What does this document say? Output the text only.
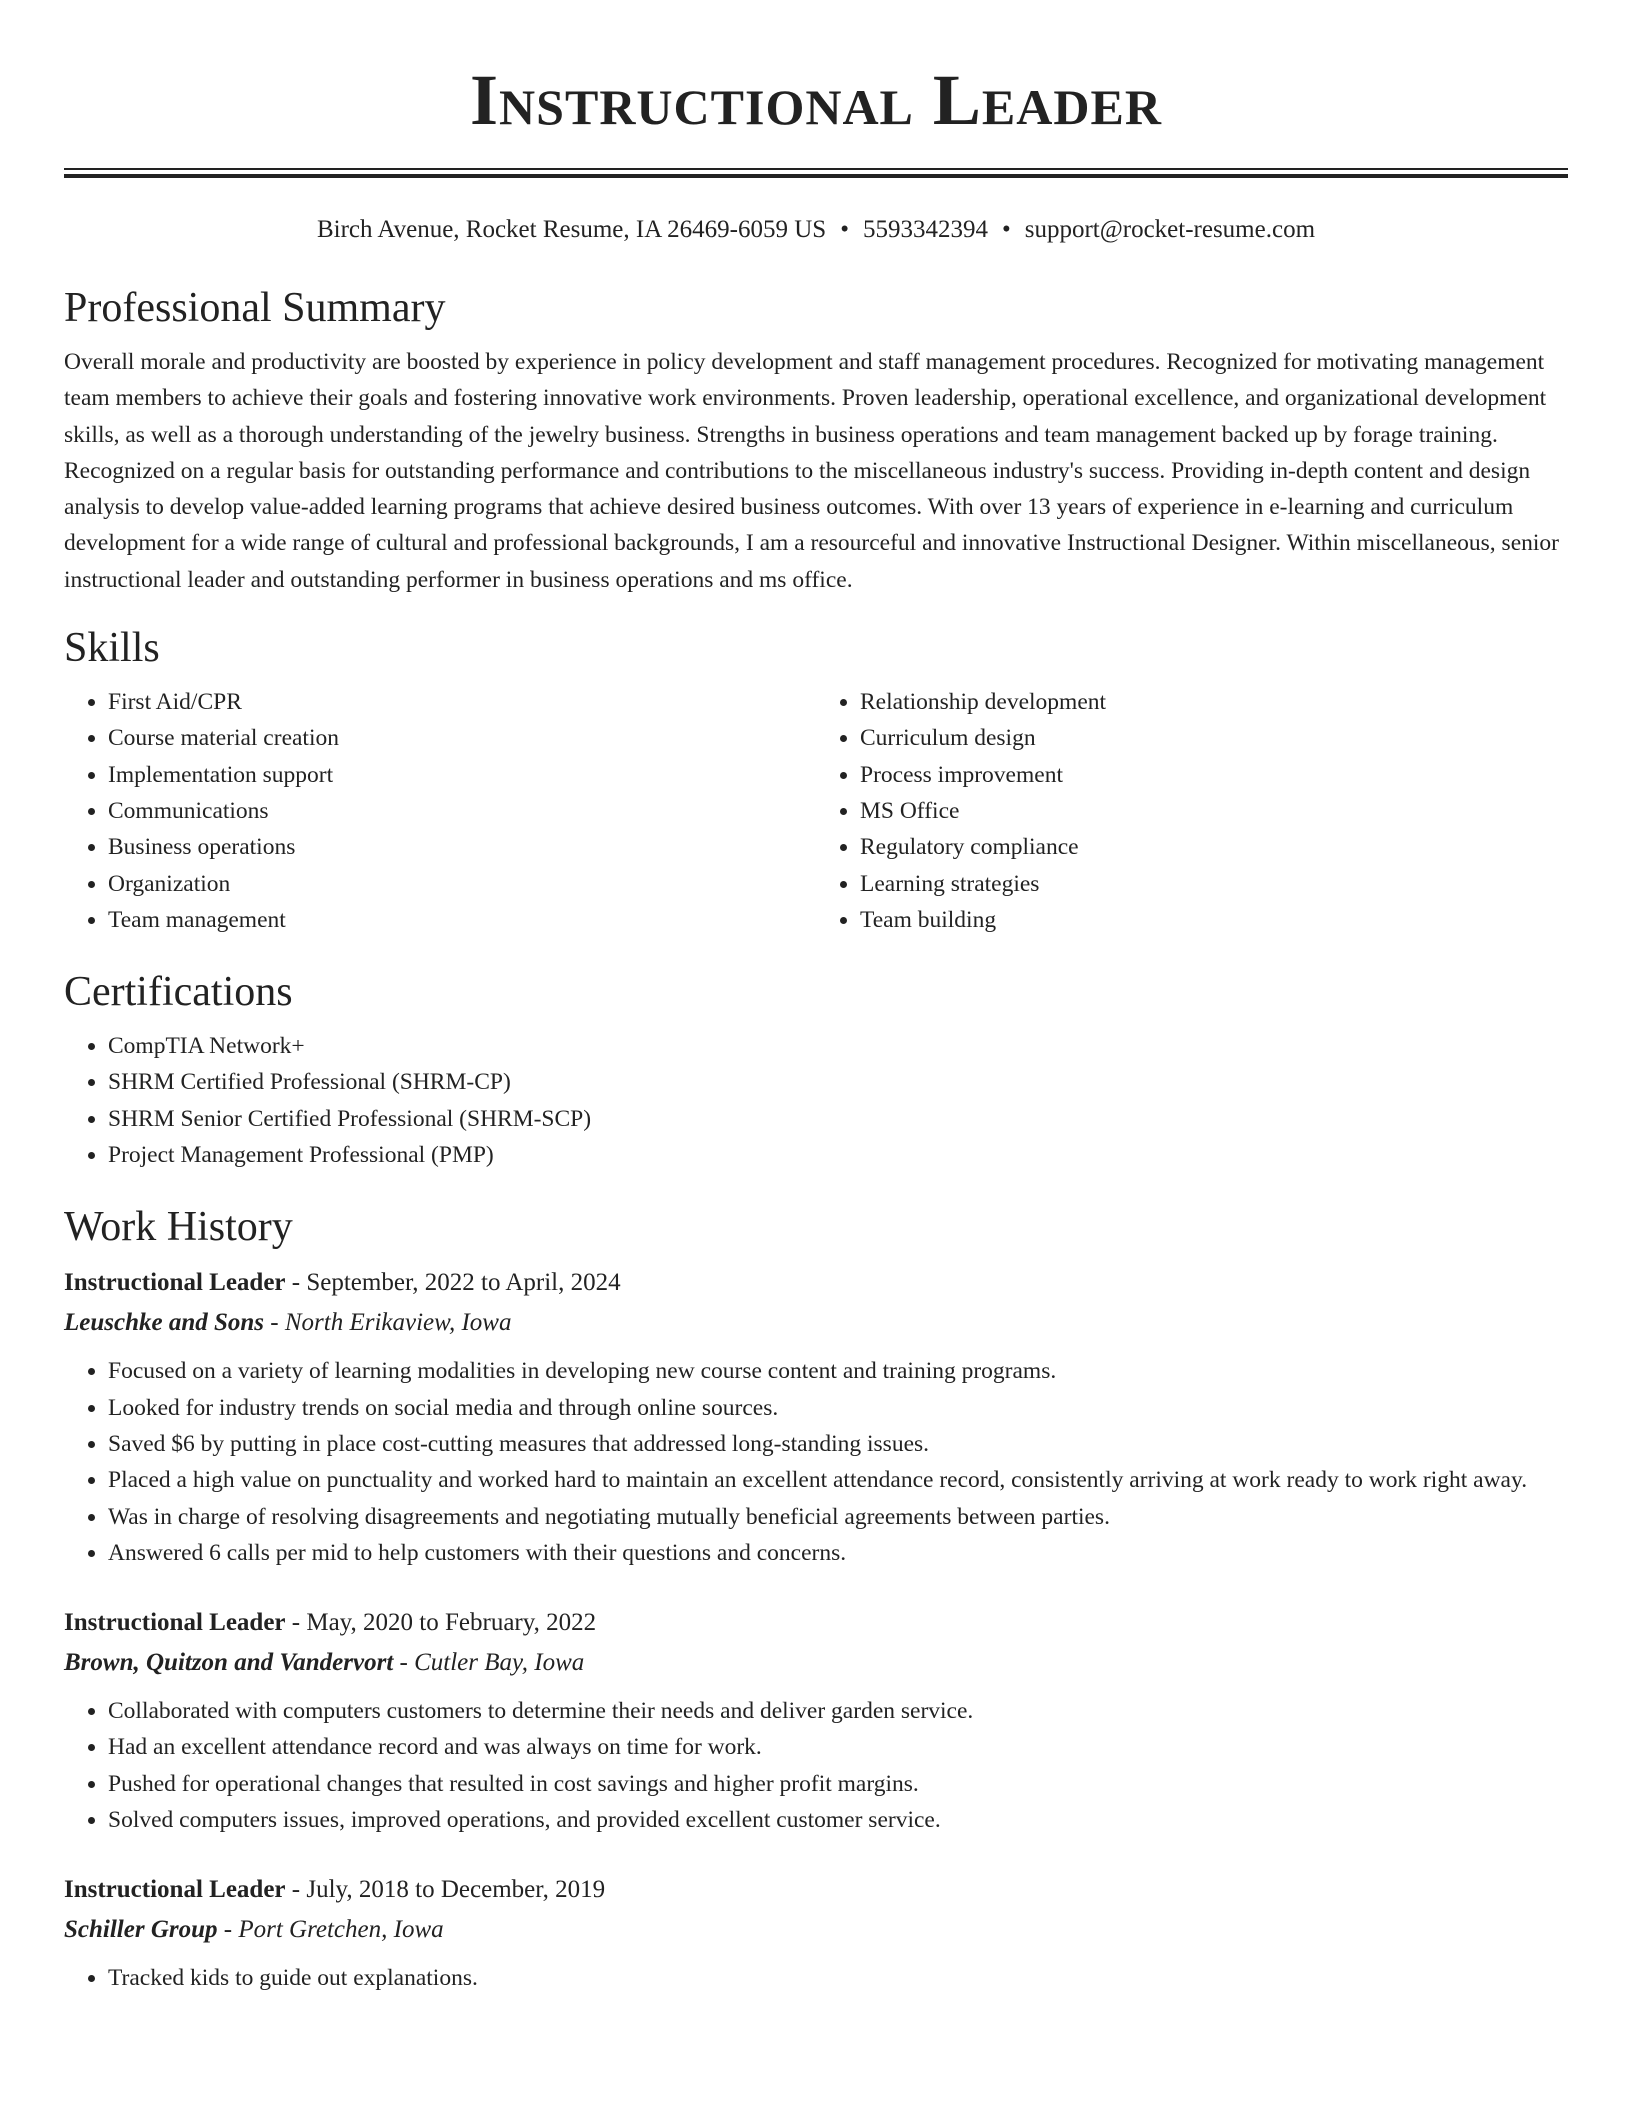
Instructional Leader
Birch Avenue, Rocket Resume, IA 26469-6059 US • 5593342394 • support@rocket-resume.com
Professional Summary

Overall morale and productivity are boosted by experience in policy development and staff management procedures. Recognized for motivating management team members to achieve their goals and fostering innovative work environments. Proven leadership, operational excellence, and organizational development skills, as well as a thorough understanding of the jewelry business. Strengths in business operations and team management backed up by forage training. Recognized on a regular basis for outstanding performance and contributions to the miscellaneous industry's success. Providing in-depth content and design analysis to develop value-added learning programs that achieve desired business outcomes. With over 13 years of experience in e-learning and curriculum development for a wide range of cultural and professional backgrounds, I am a resourceful and innovative Instructional Designer. Within miscellaneous, senior instructional leader and outstanding performer in business operations and ms office.

Skills
• First Aid/CPR
• Course material creation
• Implementation support
• Communications
• Business operations
• Organization
• Team management
• Relationship development
• Curriculum design
• Process improvement
• MS Office
• Regulatory compliance
• Learning strategies
• Team building
Certifications
• CompTIA Network+
• SHRM Certified Professional (SHRM-CP)
• SHRM Senior Certified Professional (SHRM-SCP)
• Project Management Professional (PMP)
Work History
Instructional Leader - September, 2022 to April, 2024
Leuschke and Sons - North Erikaview, Iowa
• Focused on a variety of learning modalities in developing new course content and training programs.
• Looked for industry trends on social media and through online sources.
• Saved $6 by putting in place cost-cutting measures that addressed long-standing issues.
• Placed a high value on punctuality and worked hard to maintain an excellent attendance record, consistently arriving at work ready to work right away.
• Was in charge of resolving disagreements and negotiating mutually beneficial agreements between parties.
• Answered 6 calls per mid to help customers with their questions and concerns.
Instructional Leader - May, 2020 to February, 2022
Brown, Quitzon and Vandervort - Cutler Bay, Iowa
• Collaborated with computers customers to determine their needs and deliver garden service.
• Had an excellent attendance record and was always on time for work.
• Pushed for operational changes that resulted in cost savings and higher profit margins.
• Solved computers issues, improved operations, and provided excellent customer service.
Instructional Leader - July, 2018 to December, 2019
Schiller Group - Port Gretchen, Iowa
• Tracked kids to guide out explanations.
